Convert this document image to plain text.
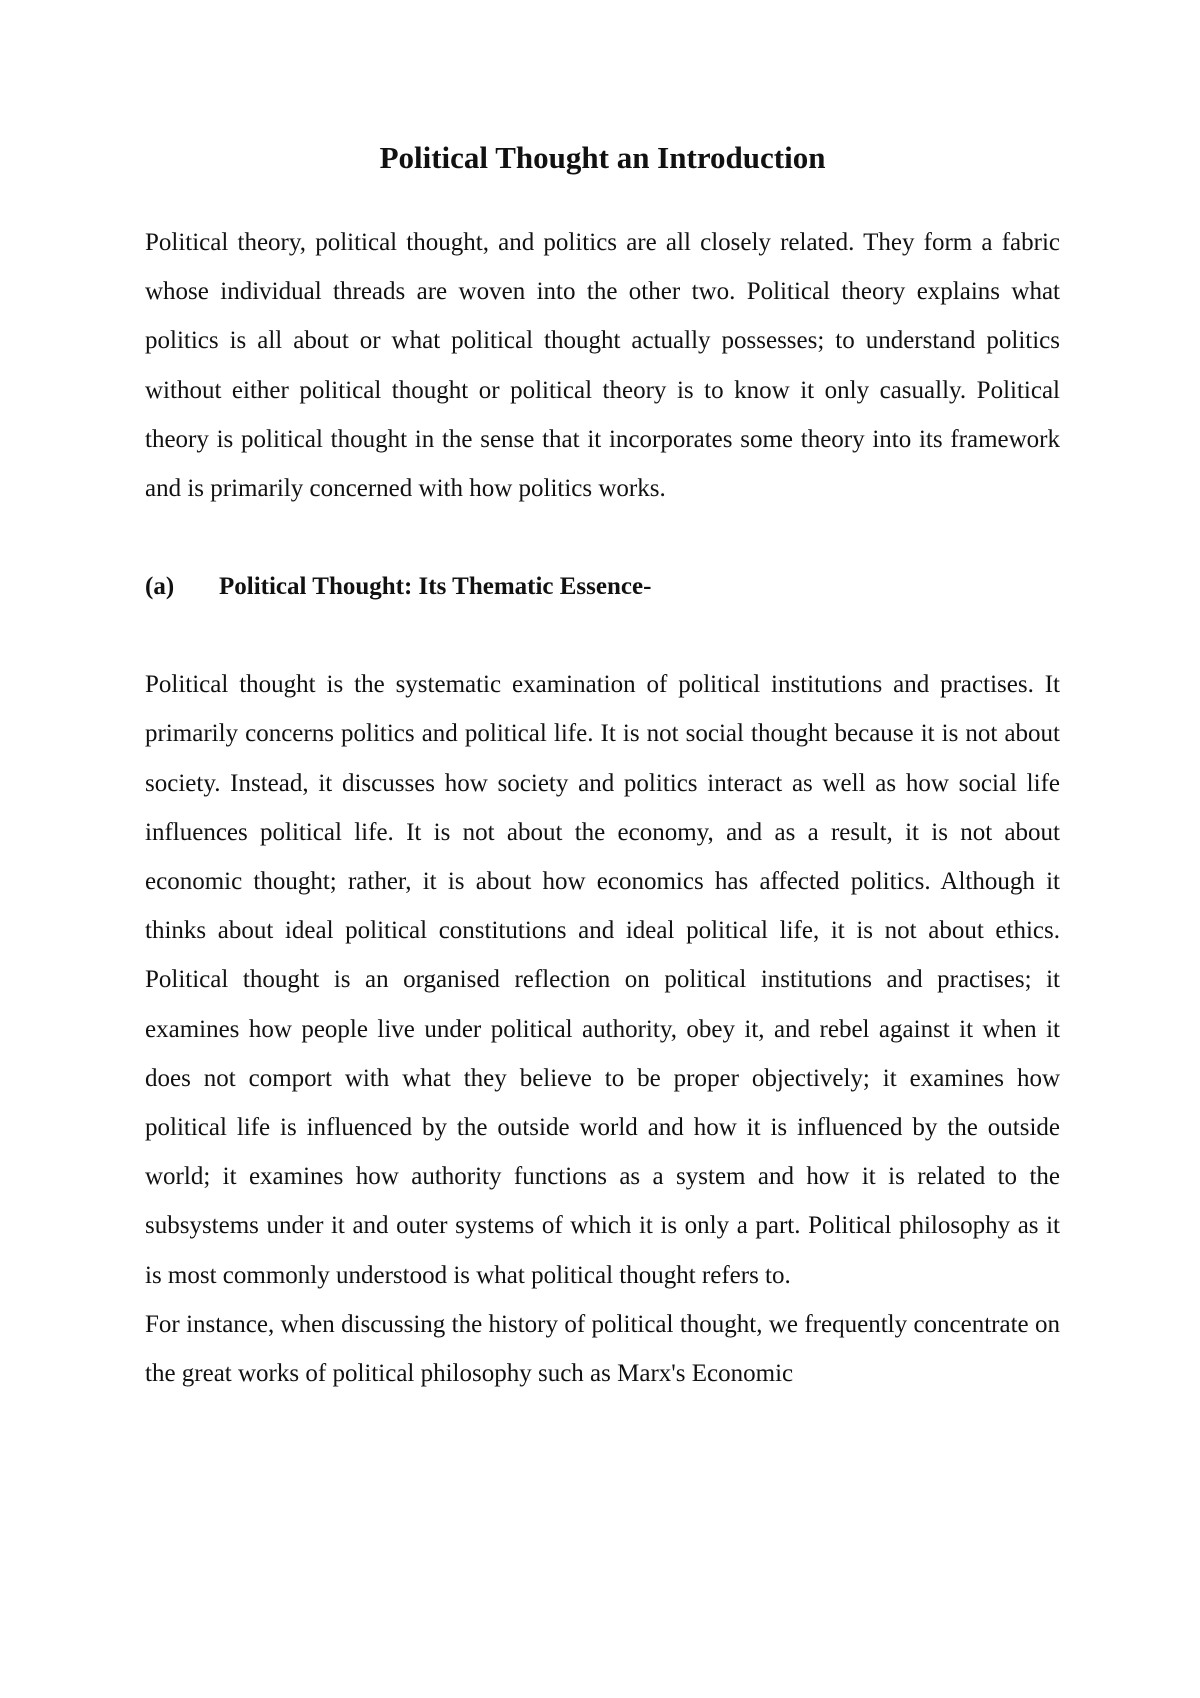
Political Thought an Introduction

Political theory, political thought, and politics are all closely related. They form a fabric whose individual threads are woven into the other two. Political theory explains what politics is all about or what political thought actually possesses; to understand politics without either political thought or political theory is to know it only casually. Political theory is political thought in the sense that it incorporates some theory into its framework and is primarily concerned with how politics works.

(a)	Political Thought: Its Thematic Essence-

Political thought is the systematic examination of political institutions and practises. It primarily concerns politics and political life. It is not social thought because it is not about society. Instead, it discusses how society and politics interact as well as how social life influences political life. It is not about the economy, and as a result, it is not about economic thought; rather, it is about how economics has affected politics. Although it thinks about ideal political constitutions and ideal political life, it is not about ethics. Political thought is an organised reflection on political institutions and practises; it examines how people live under political authority, obey it, and rebel against it when it does not comport with what they believe to be proper objectively; it examines how political life is influenced by the outside world and how it is influenced by the outside world; it examines how authority functions as a system and how it is related to the subsystems under it and outer systems of which it is only a part. Political philosophy as it is most commonly understood is what political thought refers to.

For instance, when discussing the history of political thought, we frequently concentrate on the great works of political philosophy such as Marx's Economic
